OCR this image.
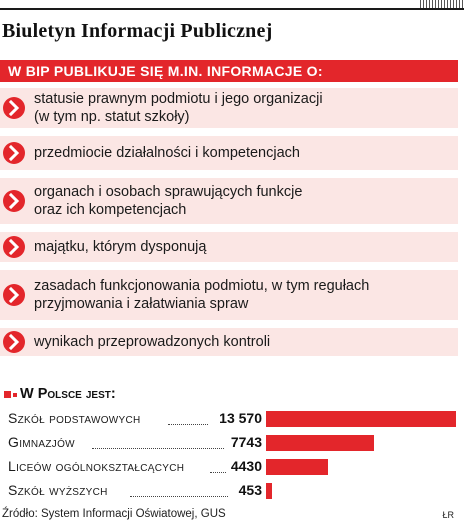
Biuletyn Informacji Publicznej
W BIP PUBLIKUJE SIĘ M.IN. INFORMACJE O:
statusie prawnym podmiotu i jego organizacji
(w tym np. statut szkoły)
przedmiocie działalności i kompetencjach
organach i osobach sprawujących funkcje
oraz ich kompetencjach
majątku, którym dysponują
zasadach funkcjonowania podmiotu, w tym regułach
przyjmowania i załatwiania spraw
wynikach przeprowadzonych kontroli
W Polsce jest:
Szkół podstawowych	13 570
Gimnazjów	7743
Liceów ogólnokształcących	4430
Szkół wyższych	453
Źródło: System Informacji Oświatowej, GUS	ŁR
